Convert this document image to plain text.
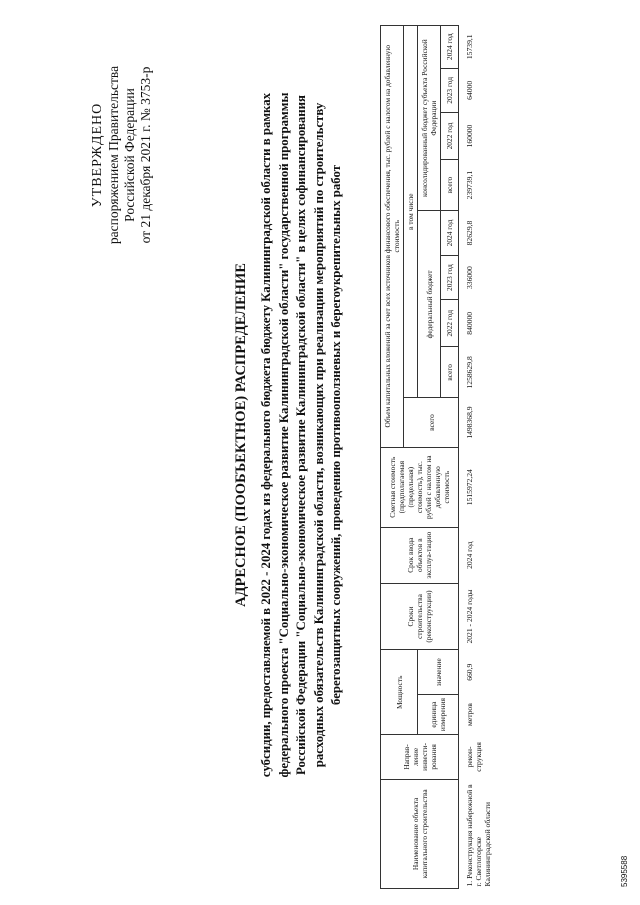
УТВЕРЖДЕНО распоряжением Правительства Российской Федерации от 21 декабря 2021 г. № 3753-р
АДРЕСНОЕ (ПООБЪЕКТНОЕ) РАСПРЕДЕЛЕНИЕ субсидии, предоставляемой в 2022 - 2024 годах из федерального бюджета бюджету Калининградской области в рамках федерального проекта "Социально-экономическое развитие Калининградской области" государственной программы Российской Федерации "Социально-экономическое развитие Калининградской области" в целях софинансирования расходных обязательств Калининградской области, возникающих при реализации мероприятий по строительству берегозащитных сооружений, проведению противооползневых и берегоукрепительных работ
Наименование объекта капитального строительства	Направ-ление инвести-рования	Мощность		Сроки строительства (реконструкции)	Срок ввода объектов в эксплуа-тацию	Сметная стоимость (предполагаемая (предельная) стоимость), тыс. рублей с налогом на добавленную стоимость	Объем капитальных вложений за счет всех источников финансового обеспечения, тыс. рублей с налогом на добавленную стоимость								
							всего	в том числе							
		единица измерения	значение					федеральный бюджет				консолидированный бюджет субъекта Российской Федерации			
								всего	2022 год	2023 год	2024 год	всего	2022 год	2023 год	2024 год

1. Реконструкция набережной в г. Светлогорске Калининградской области	рекон-струкция	метров	660,9	2021 - 2024 годы	2024 год	1515972,24	1498368,9	1258629,8	840000	336000	82629,8	239739,1	160000	64000	15739,1
5395588
